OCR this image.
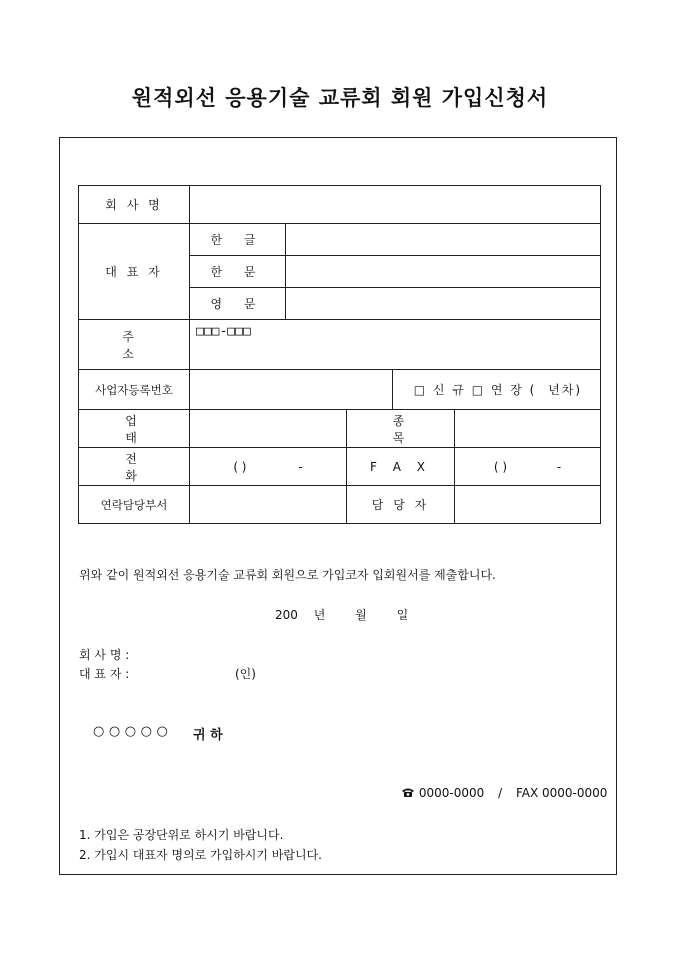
원적외선 응용기술 교류회 회원 가입신청서
회 사 명					
대 표 자	한 글				
	한 문				
	영 문				
주 소	□□□-□□□				
사업자등록번호				□ 신 규 □ 연 장 ( 년차)	
업 태			종 목		
전 화	( ) -		F A X		( ) -
연락담당부서			담 당 자		
위와 같이 원적외선 응용기술 교류회 회원으로 가입코자 입회원서를 제출합니다.
200 년 월 일
회 사 명 :
대 표 자 :	(인)
○ ○ ○ ○ ○ 귀 하
0000-0000 / FAX 0000-0000
1. 가입은 공장단위로 하시기 바랍니다.
2. 가입시 대표자 명의로 가입하시기 바랍니다.
